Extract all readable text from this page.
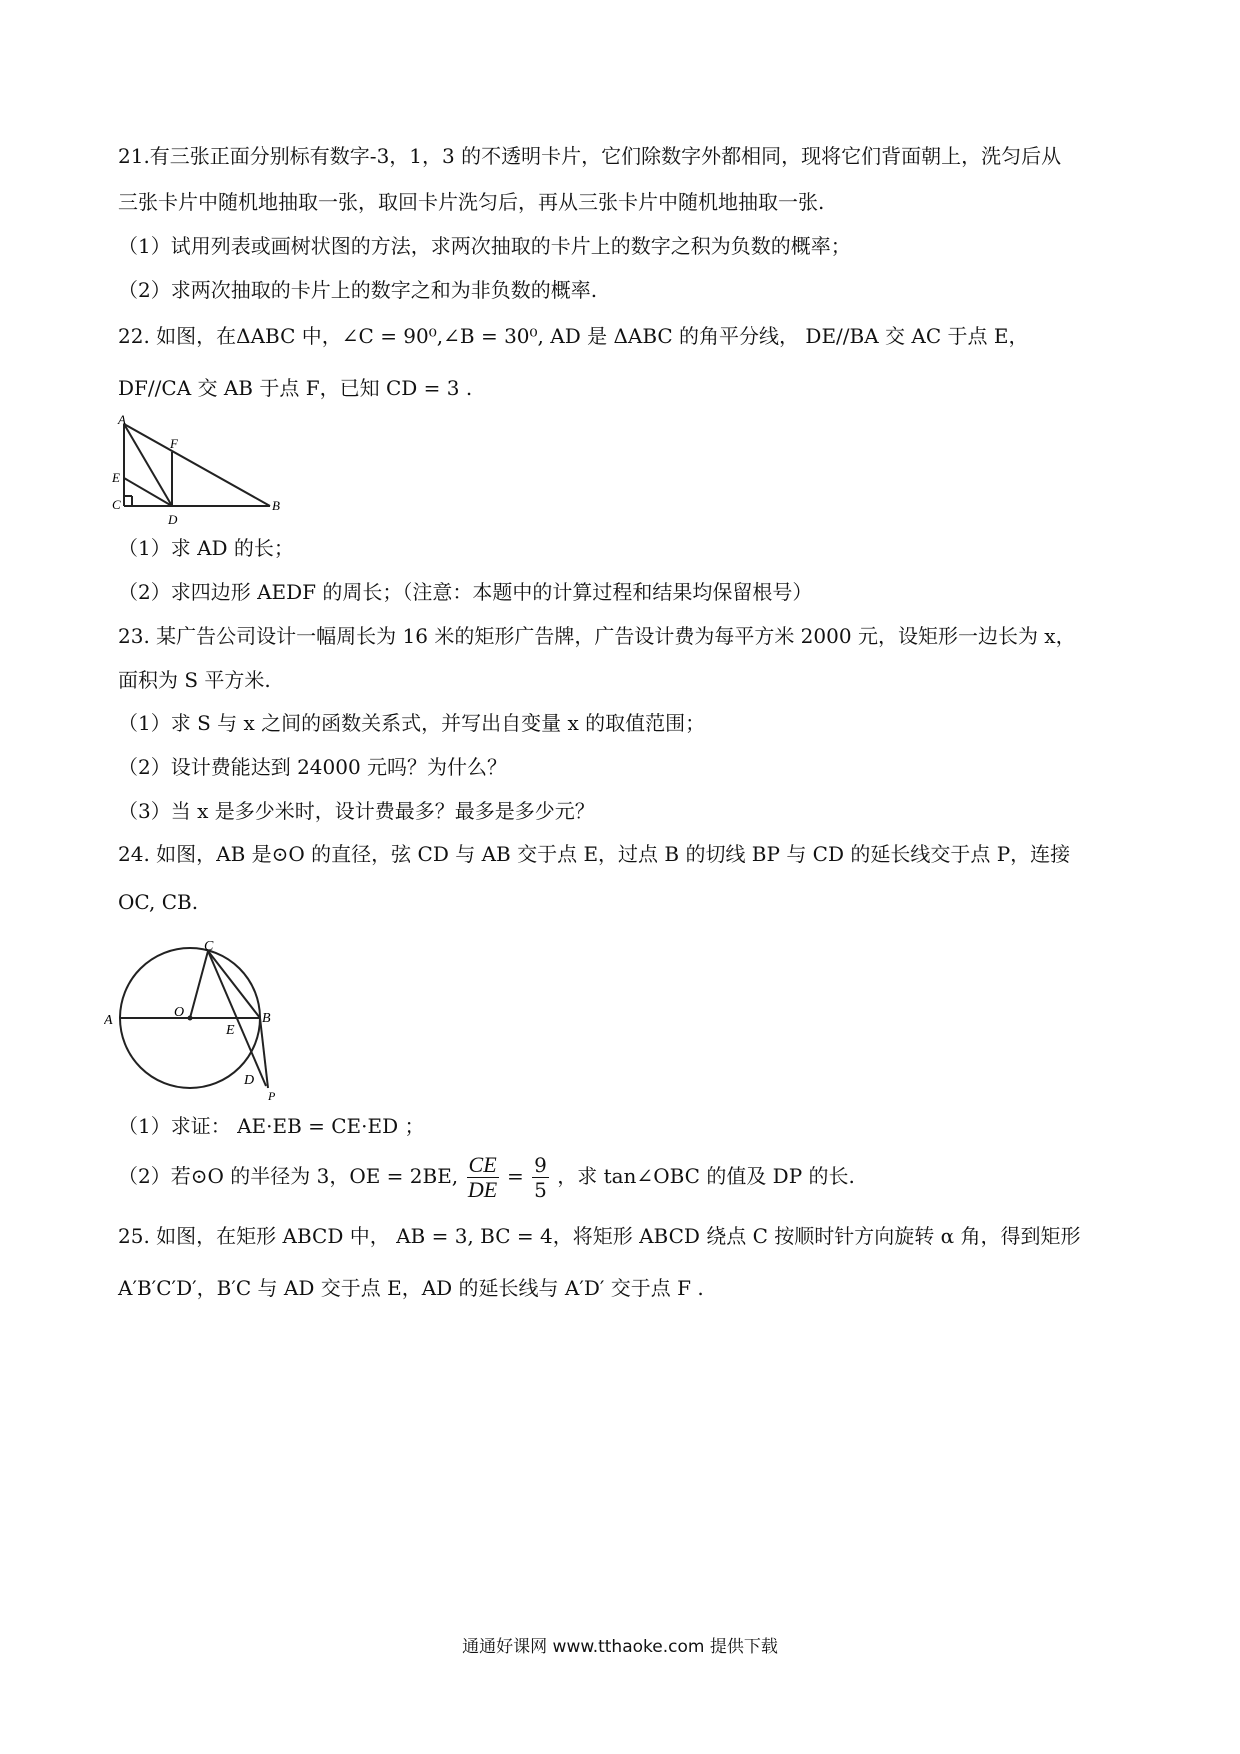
21.有三张正面分别标有数字-3，1，3 的不透明卡片，它们除数字外都相同，现将它们背面朝上，洗匀后从
三张卡片中随机地抽取一张，取回卡片洗匀后，再从三张卡片中随机地抽取一张.
（1）试用列表或画树状图的方法，求两次抽取的卡片上的数字之积为负数的概率；
（2）求两次抽取的卡片上的数字之和为非负数的概率.
22. 如图，在ΔABC 中，∠C = 90⁰,∠B = 30⁰, AD 是 ΔABC 的角平分线， DE//BA 交 AC 于点 E，
DF//CA 交 AB 于点 F，已知 CD = 3 .
A
F
E
C
D
B
（1）求 AD 的长；
（2）求四边形 AEDF 的周长；（注意：本题中的计算过程和结果均保留根号）
23. 某广告公司设计一幅周长为 16 米的矩形广告牌，广告设计费为每平方米 2000 元，设矩形一边长为 x，
面积为 S 平方米.
（1）求 S 与 x 之间的函数关系式，并写出自变量 x 的取值范围；
（2）设计费能达到 24000 元吗？为什么？
（3）当 x 是多少米时，设计费最多？最多是多少元？
24. 如图，AB 是⊙O 的直径，弦 CD 与 AB 交于点 E，过点 B 的切线 BP 与 CD 的延长线交于点 P，连接
OC, CB.
A
O
C
E
B
D
P
（1）求证： AE·EB = CE·ED ；
（2）若⊙O 的半径为 3，OE = 2BE, $\frac{CE}{DE} = \frac{9}{5}$ ，求 tan∠OBC 的值及 DP 的长.
25. 如图，在矩形 ABCD 中， AB = 3, BC = 4，将矩形 ABCD 绕点 C 按顺时针方向旋转 α 角，得到矩形
A′B′C′D′，B′C 与 AD 交于点 E，AD 的延长线与 A′D′ 交于点 F .
通通好课网 www.tthaoke.com 提供下载
